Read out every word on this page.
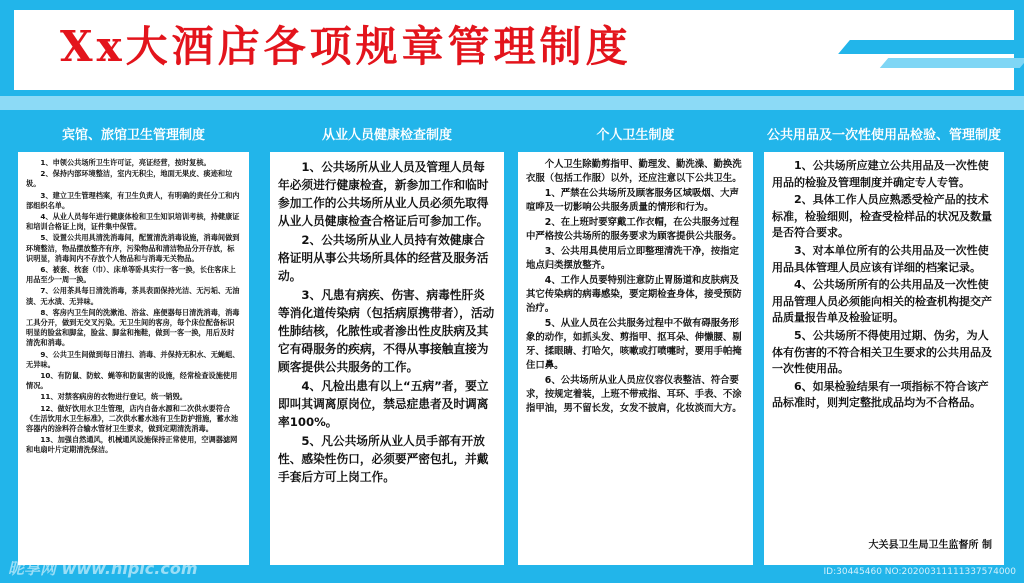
Xx大酒店各项规章管理制度
宾馆、旅馆卫生管理制度

1、申领公共场所卫生许可证，亮证经营，按时复核。

2、保持内部环境整洁，室内无积尘，地面无果皮、痰迹和垃圾。

3、建立卫生管理档案，有卫生负责人，有明确的责任分工和内部组织名单。

4、从业人员每年进行健康体检和卫生知识培训考核，持健康证和培训合格证上岗，证件集中保管。

5、设置公共用具清洗消毒间，配置清洗消毒设施，消毒间做到环境整洁，物品摆放整齐有序，污染物品和清洁物品分开存放，标识明显，消毒间内不存放个人物品和与消毒无关物品。

6、被套、枕套（巾）、床单等卧具实行一客一换，长住客床上用品至少一周一换。

7、公用茶具每日清洗消毒，茶具表面保持光洁、无污垢、无油渍、无水渍、无异味。

8、客房内卫生间的洗漱池、浴盆、座便器每日清洗消毒，消毒工具分开，做到无交叉污染。无卫生间的客房，每个床位配备标识明显的脸盆和脚盆，脸盆、脚盆和拖鞋，做到一客一换，用后及时清洗和消毒。

9、公共卫生间做到每日清扫、消毒、并保持无积水、无蝇蛆、无异味。

10、有防鼠、防蚊、蝇等和防鼠害的设施，经常检查设施使用情况。

11、对禁客病房的衣物进行登记，统一销毁。

12、做好饮用水卫生管理，店内自备水源和二次供水要符合《生活饮用水卫生标准》，二次供水蓄水池有卫生防护措施，蓄水池容器内的涂料符合输水管材卫生要求，做到定期清洗消毒。

13、加强自然通风，机械通风设施保持正常使用，空调器滤网和电扇叶片定期清洗保洁。

从业人员健康检查制度

1、公共场所从业人员及管理人员每年必须进行健康检查，新参加工作和临时参加工作的公共场所从业人员必须先取得从业人员健康检查合格证后可参加工作。

2、公共场所从业人员持有效健康合格证明从事公共场所具体的经营及服务活动。

3、凡患有病疾、伤害、病毒性肝炎等消化道传染病（包括病原携带者），活动性肺结核，化脓性或者渗出性皮肤病及其它有碍服务的疾病，不得从事接触直接为顾客提供公共服务的工作。

4、凡检出患有以上“五病”者，要立即叫其调离原岗位，禁忌症患者及时调离率100%。

5、凡公共场所从业人员手部有开放性、感染性伤口，必须要严密包扎，并戴手套后方可上岗工作。

个人卫生制度

个人卫生除勤剪指甲、勤理发、勤洗澡、勤换洗衣服（包括工作服）以外，还应注意以下公共卫生。

1、严禁在公共场所及顾客服务区域吸烟、大声喧哗及一切影响公共服务质量的情形和行为。

2、在上班时要穿戴工作衣帽，在公共服务过程中严格按公共场所的服务要求为顾客提供公共服务。

3、公共用具使用后立即整理清洗干净，按指定地点归类摆放整齐。

4、工作人员要特别注意防止胃肠道和皮肤病及其它传染病的病毒感染，要定期检查身体，接受预防治疗。

5、从业人员在公共服务过程中不做有碍服务形象的动作，如抓头发、剪指甲、抠耳朵、伸懒腰、剔牙、揉眼睛、打哈欠，咳嗽或打喷嚏时，要用手帕掩住口鼻。

6、公共场所从业人员应仪容仪表整洁、符合要求，按规定着装，上班不带戒指、耳环、手表、不涂指甲油，男不留长发，女发不披肩，化妆淡而大方。

公共用品及一次性使用品检验、管理制度

1、公共场所应建立公共用品及一次性使用品的检验及管理制度并确定专人专管。

2、具体工作人员应熟悉受检产品的技术标准，检验细则，检查受检样品的状况及数量是否符合要求。

3、对本单位所有的公共用品及一次性使用品具体管理人员应该有详细的档案记录。

4、公共场所所有的公共用品及一次性使用品管理人员必须能向相关的检查机构提交产品质量报告单及检验证明。

5、公共场所不得使用过期、伪劣，为人体有伤害的不符合相关卫生要求的公共用品及一次性使用品。

6、如果检验结果有一项指标不符合该产品标准时，则判定整批成品均为不合格品。

大关县卫生局卫生监督所 制
昵享网 www.nipic.com	ID:30445460 NO:20200311111337574000
